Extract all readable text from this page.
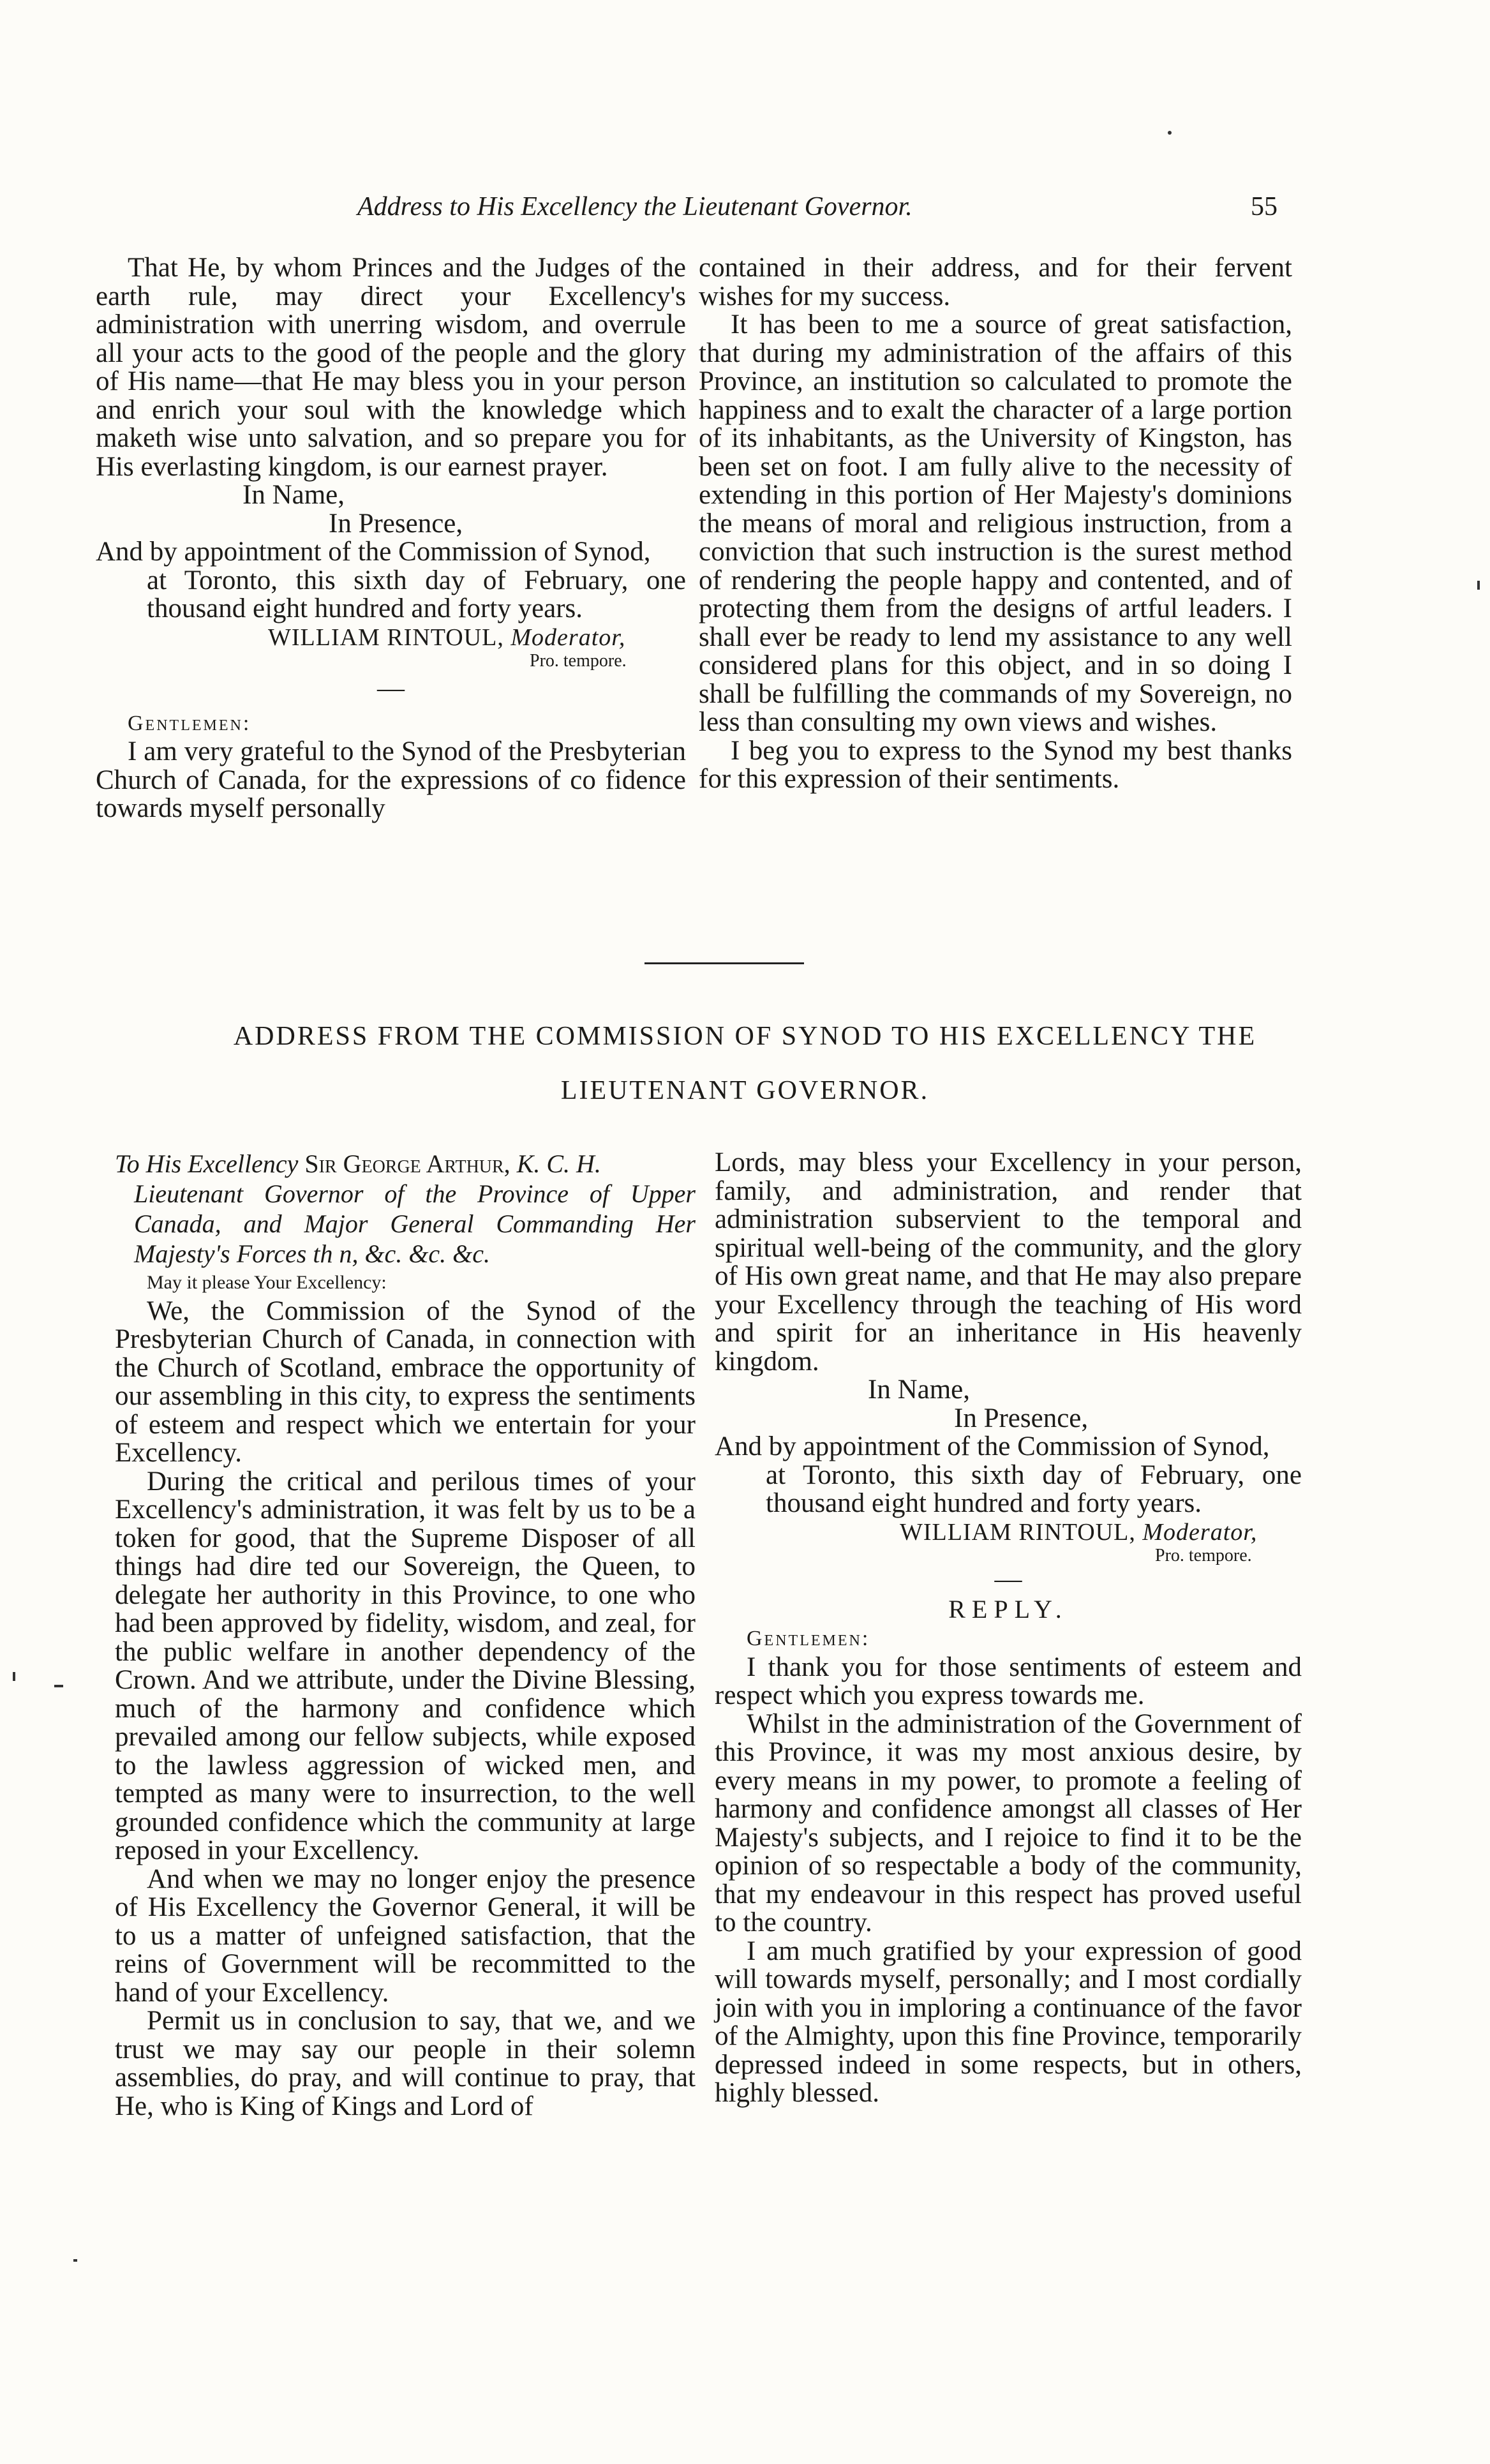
Address to His Excellency the Lieutenant Governor.	55

That He, by whom Princes and the Judges of the earth rule, may direct your Excellency's administration with unerring wisdom, and overrule all your acts to the good of the people and the glory of His name—that He may bless you in your person and enrich your soul with the knowledge which maketh wise unto salvation, and so prepare you for His everlasting kingdom, is our earnest prayer.

In Name,
In Presence,
And by appointment of the Commission of Synod,
at Toronto, this sixth day of February, one thousand eight hundred and forty years.
WILLIAM RINTOUL, Moderator,
Pro. tempore.
—

Gentlemen:

I am very grateful to the Synod of the Presbyterian Church of Canada, for the expressions of co fidence towards myself personally

contained in their address, and for their fervent wishes for my success.

It has been to me a source of great satisfaction, that during my administration of the affairs of this Province, an institution so calculated to promote the happiness and to exalt the character of a large portion of its inhabitants, as the University of Kingston, has been set on foot. I am fully alive to the necessity of extending in this portion of Her Majesty's dominions the means of moral and religious instruction, from a conviction that such instruction is the surest method of rendering the people happy and contented, and of protecting them from the designs of artful leaders. I shall ever be ready to lend my assistance to any well considered plans for this object, and in so doing I shall be fulfilling the commands of my Sovereign, no less than consulting my own views and wishes.

I beg you to express to the Synod my best thanks for this expression of their sentiments.

ADDRESS FROM THE COMMISSION OF SYNOD TO HIS EXCELLENCY THE
LIEUTENANT GOVERNOR.
To His Excellency Sir George Arthur, K. C. H.
Lieutenant Governor of the Province of Upper Canada, and Major General Commanding Her Majesty's Forces th n, &c. &c. &c.

May it please Your Excellency:

We, the Commission of the Synod of the Presbyterian Church of Canada, in connection with the Church of Scotland, embrace the opportunity of our assembling in this city, to express the sentiments of esteem and respect which we entertain for your Excellency.

During the critical and perilous times of your Excellency's administration, it was felt by us to be a token for good, that the Supreme Disposer of all things had dire ted our Sovereign, the Queen, to delegate her authority in this Province, to one who had been approved by fidelity, wisdom, and zeal, for the public welfare in another dependency of the Crown. And we attribute, under the Divine Blessing, much of the harmony and confidence which prevailed among our fellow subjects, while exposed to the lawless aggression of wicked men, and tempted as many were to insurrection, to the well grounded confidence which the community at large reposed in your Excellency.

And when we may no longer enjoy the presence of His Excellency the Governor General, it will be to us a matter of unfeigned satisfaction, that the reins of Government will be recommitted to the hand of your Excellency.

Permit us in conclusion to say, that we, and we trust we may say our people in their solemn assemblies, do pray, and will continue to pray, that He, who is King of Kings and Lord of

Lords, may bless your Excellency in your person, family, and administration, and render that administration subservient to the temporal and spiritual well-being of the community, and the glory of His own great name, and that He may also prepare your Excellency through the teaching of His word and spirit for an inheritance in His heavenly kingdom.

In Name,
In Presence,
And by appointment of the Commission of Synod,
at Toronto, this sixth day of February, one thousand eight hundred and forty years.
WILLIAM RINTOUL, Moderator,
Pro. tempore.
—
REPLY.

Gentlemen:

I thank you for those sentiments of esteem and respect which you express towards me.

Whilst in the administration of the Government of this Province, it was my most anxious desire, by every means in my power, to promote a feeling of harmony and confidence amongst all classes of Her Majesty's subjects, and I rejoice to find it to be the opinion of so respectable a body of the community, that my endeavour in this respect has proved useful to the country.

I am much gratified by your expression of good will towards myself, personally; and I most cordially join with you in imploring a continuance of the favor of the Almighty, upon this fine Province, temporarily depressed indeed in some respects, but in others, highly blessed.
